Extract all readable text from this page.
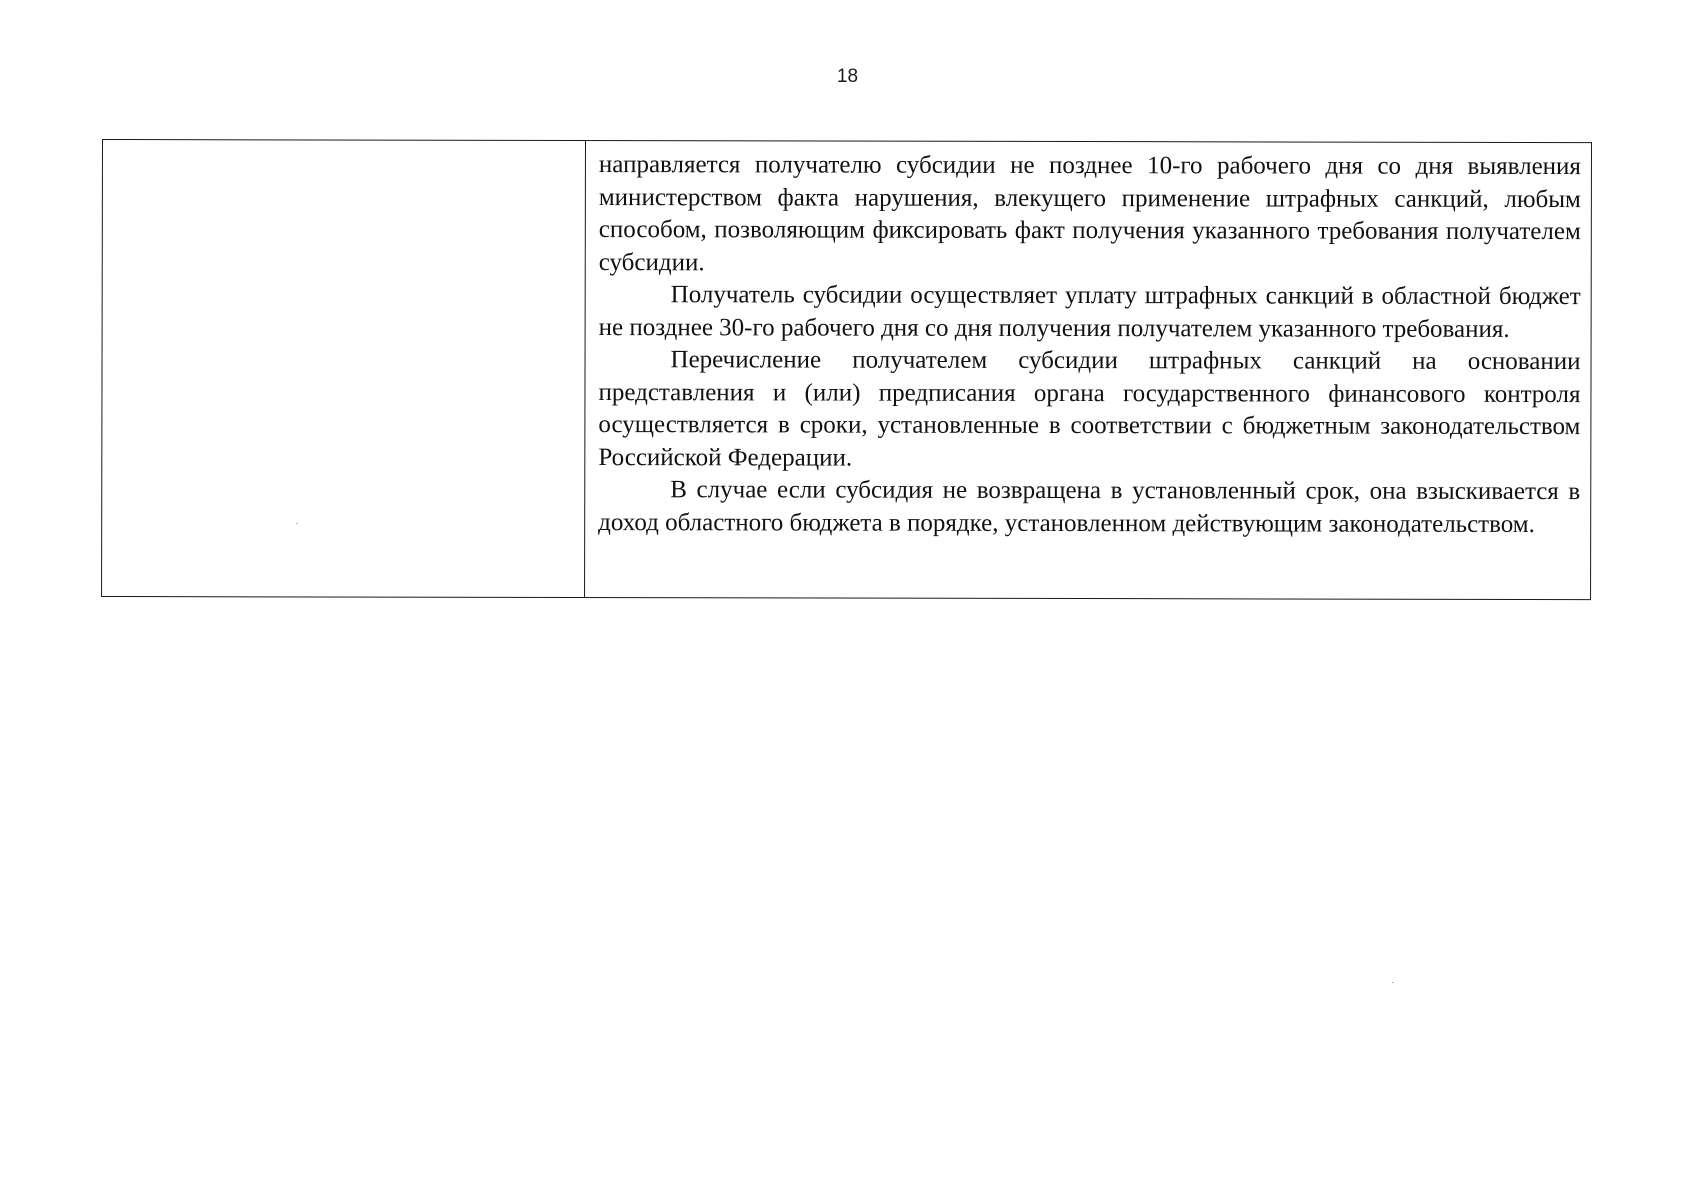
18

направляется получателю субсидии не позднее 10-го рабочего дня со дня выявления министерством факта нарушения, влекущего применение штрафных санкций, любым способом, позволяющим фиксировать факт получения указанного требования получателем субсидии.

Получатель субсидии осуществляет уплату штрафных санкций в областной бюджет не позднее 30-го рабочего дня со дня получения получателем указанного требования.

Перечисление получателем субсидии штрафных санкций на основании представления и (или) предписания органа государственного финансового контроля осуществляется в сроки, установленные в соответствии с бюджетным законодательством Российской Федерации.

В случае если субсидия не возвращена в установленный срок, она взыскивается в доход областного бюджета в порядке, установленном действующим законодательством.
